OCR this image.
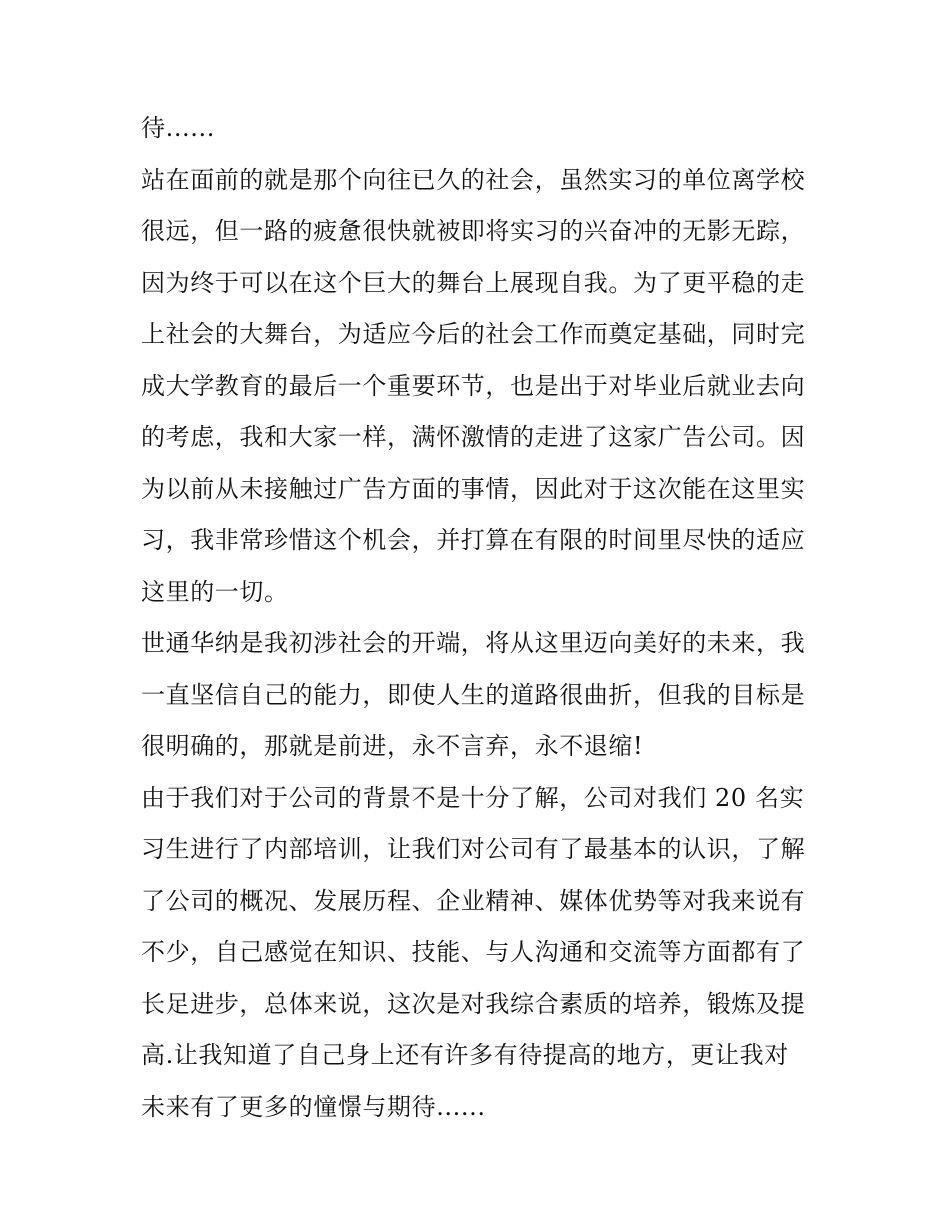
待......
站在面前的就是那个向往已久的社会，虽然实习的单位离学校
很远，但一路的疲惫很快就被即将实习的兴奋冲的无影无踪，
因为终于可以在这个巨大的舞台上展现自我。为了更平稳的走
上社会的大舞台，为适应今后的社会工作而奠定基础，同时完
成大学教育的最后一个重要环节，也是出于对毕业后就业去向
的考虑，我和大家一样，满怀激情的走进了这家广告公司。因
为以前从未接触过广告方面的事情，因此对于这次能在这里实
习，我非常珍惜这个机会，并打算在有限的时间里尽快的适应
这里的一切。
世通华纳是我初涉社会的开端，将从这里迈向美好的未来，我
一直坚信自己的能力，即使人生的道路很曲折，但我的目标是
很明确的，那就是前进，永不言弃，永不退缩!
由于我们对于公司的背景不是十分了解，公司对我们 20 名实
习生进行了内部培训，让我们对公司有了最基本的认识，了解
了公司的概况、发展历程、企业精神、媒体优势等对我来说有
不少，自己感觉在知识、技能、与人沟通和交流等方面都有了
长足进步，总体来说，这次是对我综合素质的培养，锻炼及提
高.让我知道了自己身上还有许多有待提高的地方，更让我对
未来有了更多的憧憬与期待......
